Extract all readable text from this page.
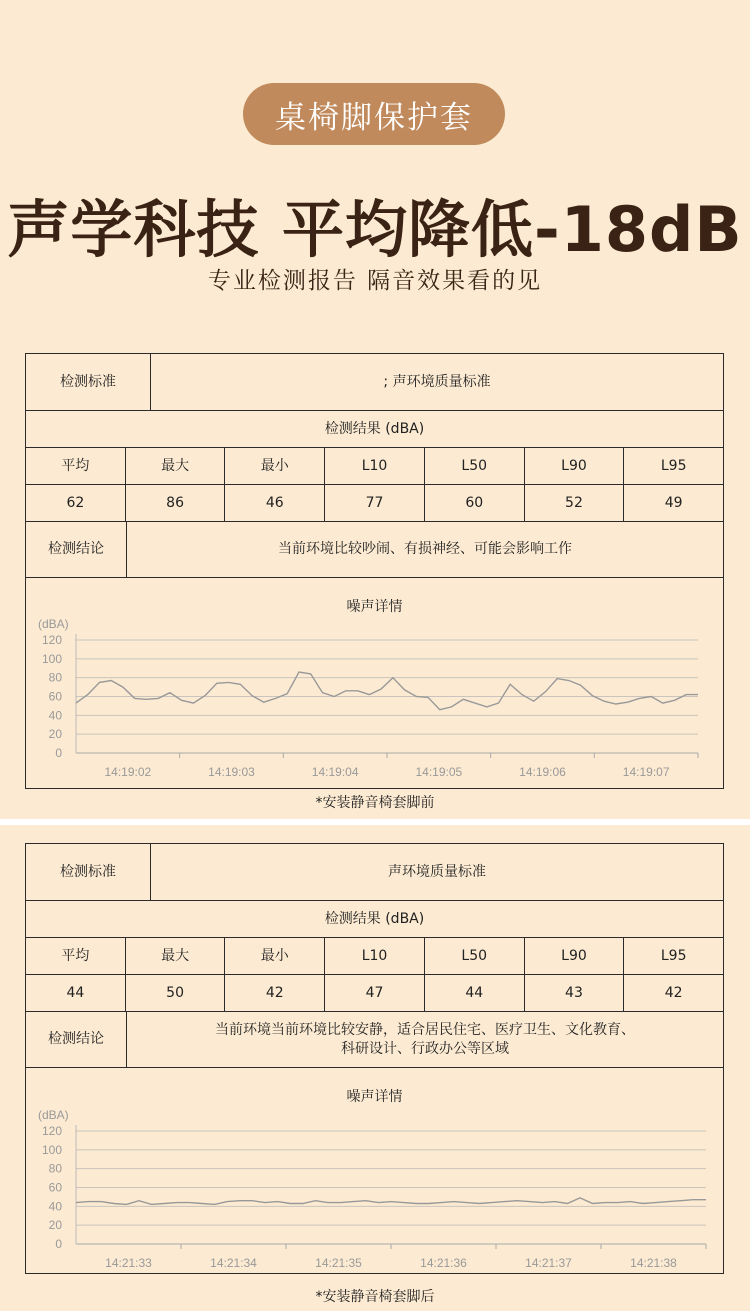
桌椅脚保护套
声学科技 平均降低-18dB
专业检测报告 隔音效果看的见
检测标准	; 声环境质量标准
检测结果 (dBA)
平均	最大	最小	L10	L50	L90	L95
62	86	46	77	60	52	49
检测结论	当前环境比较吵闹、有损神经、可能会影响工作
噪声详情
(dBA)
120
100
80
60
40
20
0
14:19:02	14:19:03	14:19:04	14:19:05	14:19:06	14:19:07
*安装静音椅套脚前
检测标准	声环境质量标准
检测结果 (dBA)
平均	最大	最小	L10	L50	L90	L95
44	50	42	47	44	43	42
检测结论
当前环境当前环境比较安静，适合居民住宅、医疗卫生、文化教育、
科研设计、行政办公等区域
噪声详情
(dBA)
120
100
80
60
40
20
0
14:21:33	14:21:34	14:21:35	14:21:36	14:21:37	14:21:38
*安装静音椅套脚后
